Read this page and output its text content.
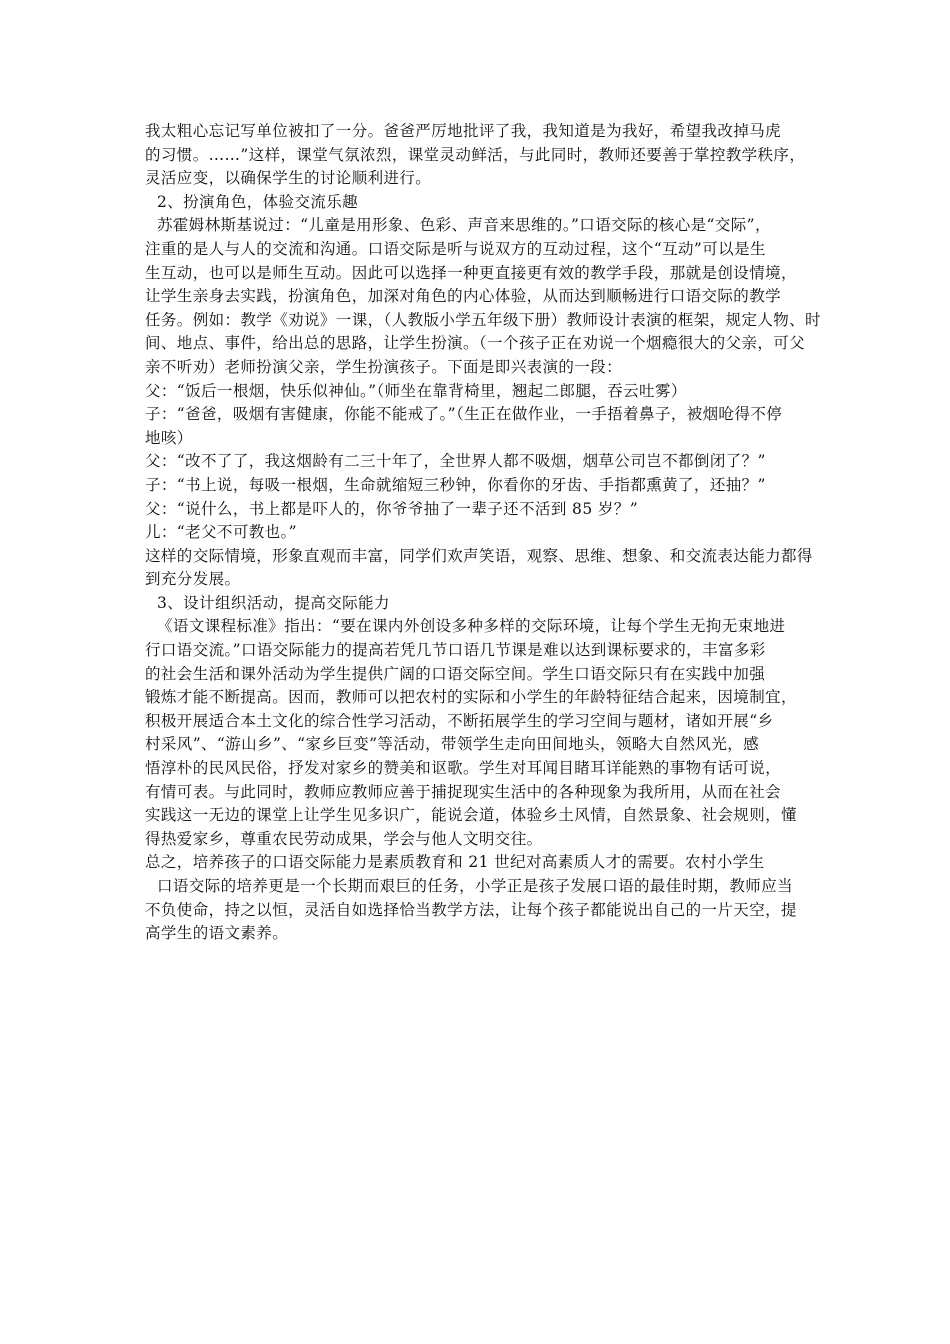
我太粗心忘记写单位被扣了一分。爸爸严厉地批评了我，我知道是为我好，希望我改掉马虎
的习惯。……”这样，课堂气氛浓烈，课堂灵动鲜活，与此同时，教师还要善于掌控教学秩序，
灵活应变，以确保学生的讨论顺利进行。
2、扮演角色，体验交流乐趣
苏霍姆林斯基说过：“儿童是用形象、色彩、声音来思维的。”口语交际的核心是“交际”，
注重的是人与人的交流和沟通。口语交际是听与说双方的互动过程，这个“互动”可以是生
生互动，也可以是师生互动。因此可以选择一种更直接更有效的教学手段，那就是创设情境，
让学生亲身去实践，扮演角色，加深对角色的内心体验，从而达到顺畅进行口语交际的教学
任务。例如：教学《劝说》一课，（人教版小学五年级下册）教师设计表演的框架，规定人物、时
间、地点、事件，给出总的思路，让学生扮演。（一个孩子正在劝说一个烟瘾很大的父亲，可父
亲不听劝）老师扮演父亲，学生扮演孩子。下面是即兴表演的一段：
父：“饭后一根烟，快乐似神仙。”（师坐在靠背椅里，翘起二郎腿，吞云吐雾）
子：“爸爸，吸烟有害健康，你能不能戒了。”（生正在做作业，一手捂着鼻子，被烟呛得不停
地咳）
父：“改不了了，我这烟龄有二三十年了，全世界人都不吸烟，烟草公司岂不都倒闭了？”
子：“书上说，每吸一根烟，生命就缩短三秒钟，你看你的牙齿、手指都熏黄了，还抽？”
父：“说什么，书上都是吓人的，你爷爷抽了一辈子还不活到 85 岁？”
儿：“老父不可教也。”
这样的交际情境，形象直观而丰富，同学们欢声笑语，观察、思维、想象、和交流表达能力都得
到充分发展。
3、设计组织活动，提高交际能力
《语文课程标准》指出：“要在课内外创设多种多样的交际环境，让每个学生无拘无束地进
行口语交流。”口语交际能力的提高若凭几节口语几节课是难以达到课标要求的，丰富多彩
的社会生活和课外活动为学生提供广阔的口语交际空间。学生口语交际只有在实践中加强
锻炼才能不断提高。因而，教师可以把农村的实际和小学生的年龄特征结合起来，因境制宜，
积极开展适合本土文化的综合性学习活动，不断拓展学生的学习空间与题材，诸如开展“乡
村采风”、“游山乡”、“家乡巨变”等活动，带领学生走向田间地头，领略大自然风光，感
悟淳朴的民风民俗，抒发对家乡的赞美和讴歌。学生对耳闻目睹耳详能熟的事物有话可说，
有情可表。与此同时，教师应教师应善于捕捉现实生活中的各种现象为我所用，从而在社会
实践这一无边的课堂上让学生见多识广，能说会道，体验乡土风情，自然景象、社会规则，懂
得热爱家乡，尊重农民劳动成果，学会与他人文明交往。
总之，培养孩子的口语交际能力是素质教育和 21 世纪对高素质人才的需要。农村小学生
口语交际的培养更是一个长期而艰巨的任务，小学正是孩子发展口语的最佳时期，教师应当
不负使命，持之以恒，灵活自如选择恰当教学方法，让每个孩子都能说出自己的一片天空，提
高学生的语文素养。
